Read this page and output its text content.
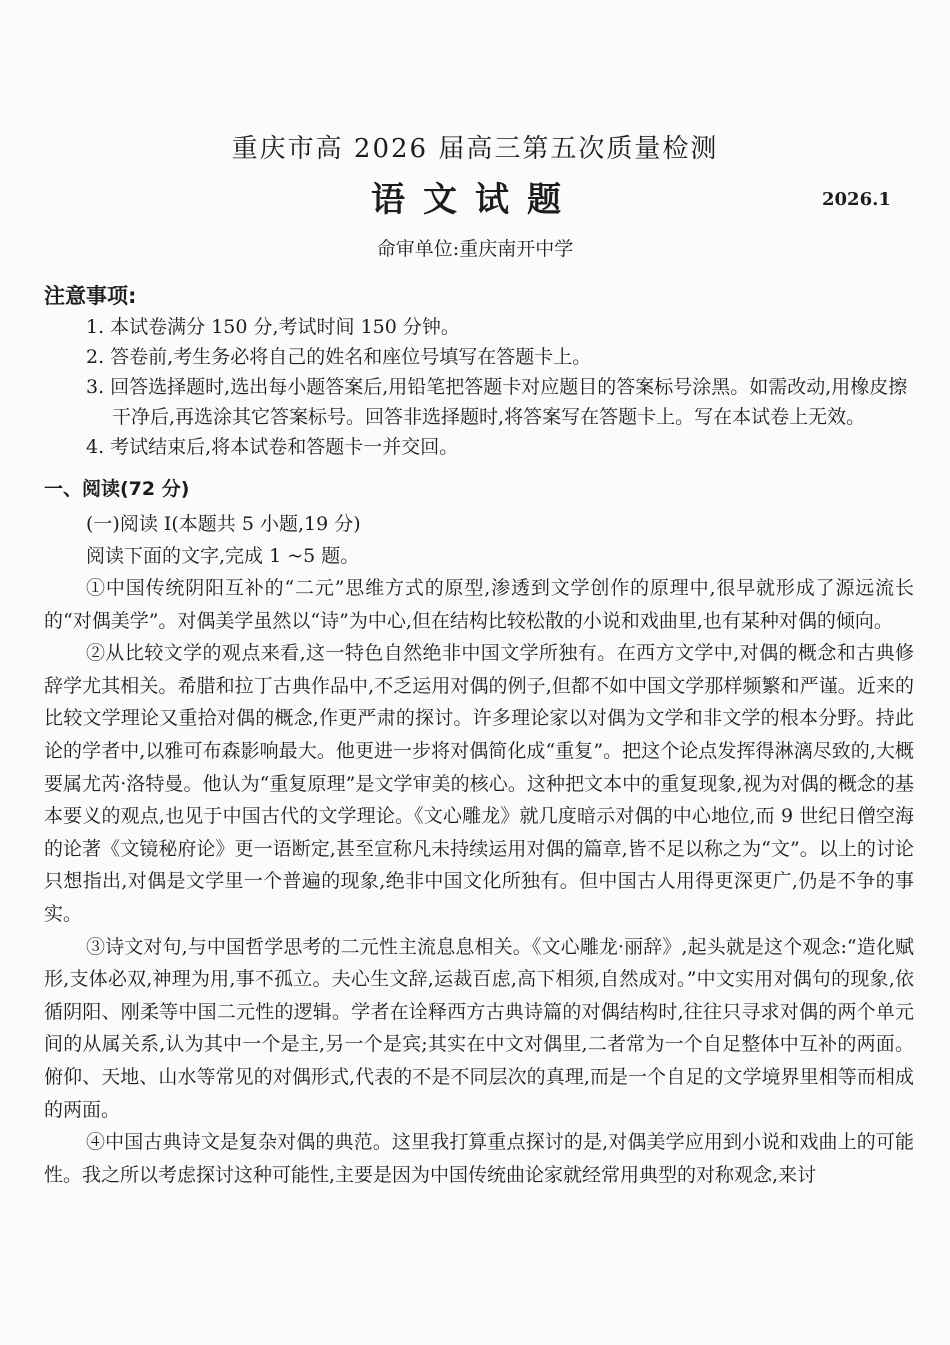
重庆市高 2026 届高三第五次质量检测
语文试题	2026.1
命审单位:重庆南开中学
注意事项:
1. 本试卷满分 150 分,考试时间 150 分钟。
2. 答卷前,考生务必将自己的姓名和座位号填写在答题卡上。
3. 回答选择题时,选出每小题答案后,用铅笔把答题卡对应题目的答案标号涂黑。如需改动,用橡皮擦
干净后,再选涂其它答案标号。回答非选择题时,将答案写在答题卡上。写在本试卷上无效。
4. 考试结束后,将本试卷和答题卡一并交回。
一、阅读(72 分)
(一)阅读 Ⅰ(本题共 5 小题,19 分)
阅读下面的文字,完成 1 ~5 题。

①中国传统阴阳互补的“二元”思维方式的原型,渗透到文学创作的原理中,很早就形成了源远流长的“对偶美学”。对偶美学虽然以“诗”为中心,但在结构比较松散的小说和戏曲里,也有某种对偶的倾向。

②从比较文学的观点来看,这一特色自然绝非中国文学所独有。在西方文学中,对偶的概念和古典修辞学尤其相关。希腊和拉丁古典作品中,不乏运用对偶的例子,但都不如中国文学那样频繁和严谨。近来的比较文学理论又重拾对偶的概念,作更严肃的探讨。许多理论家以对偶为文学和非文学的根本分野。持此论的学者中,以雅可布森影响最大。他更进一步将对偶简化成“重复”。把这个论点发挥得淋漓尽致的,大概要属尤芮·洛特曼。他认为“重复原理”是文学审美的核心。这种把文本中的重复现象,视为对偶的概念的基本要义的观点,也见于中国古代的文学理论。《文心雕龙》就几度暗示对偶的中心地位,而 9 世纪日僧空海的论著《文镜秘府论》更一语断定,甚至宣称凡未持续运用对偶的篇章,皆不足以称之为“文”。以上的讨论只想指出,对偶是文学里一个普遍的现象,绝非中国文化所独有。但中国古人用得更深更广,仍是不争的事实。

③诗文对句,与中国哲学思考的二元性主流息息相关。《文心雕龙·丽辞》,起头就是这个观念:“造化赋形,支体必双,神理为用,事不孤立。夫心生文辞,运裁百虑,高下相须,自然成对。”中文实用对偶句的现象,依循阴阳、刚柔等中国二元性的逻辑。学者在诠释西方古典诗篇的对偶结构时,往往只寻求对偶的两个单元间的从属关系,认为其中一个是主,另一个是宾;其实在中文对偶里,二者常为一个自足整体中互补的两面。俯仰、天地、山水等常见的对偶形式,代表的不是不同层次的真理,而是一个自足的文学境界里相等而相成的两面。

④中国古典诗文是复杂对偶的典范。这里我打算重点探讨的是,对偶美学应用到小说和戏曲上的可能性。我之所以考虑探讨这种可能性,主要是因为中国传统曲论家就经常用典型的对称观念,来讨
